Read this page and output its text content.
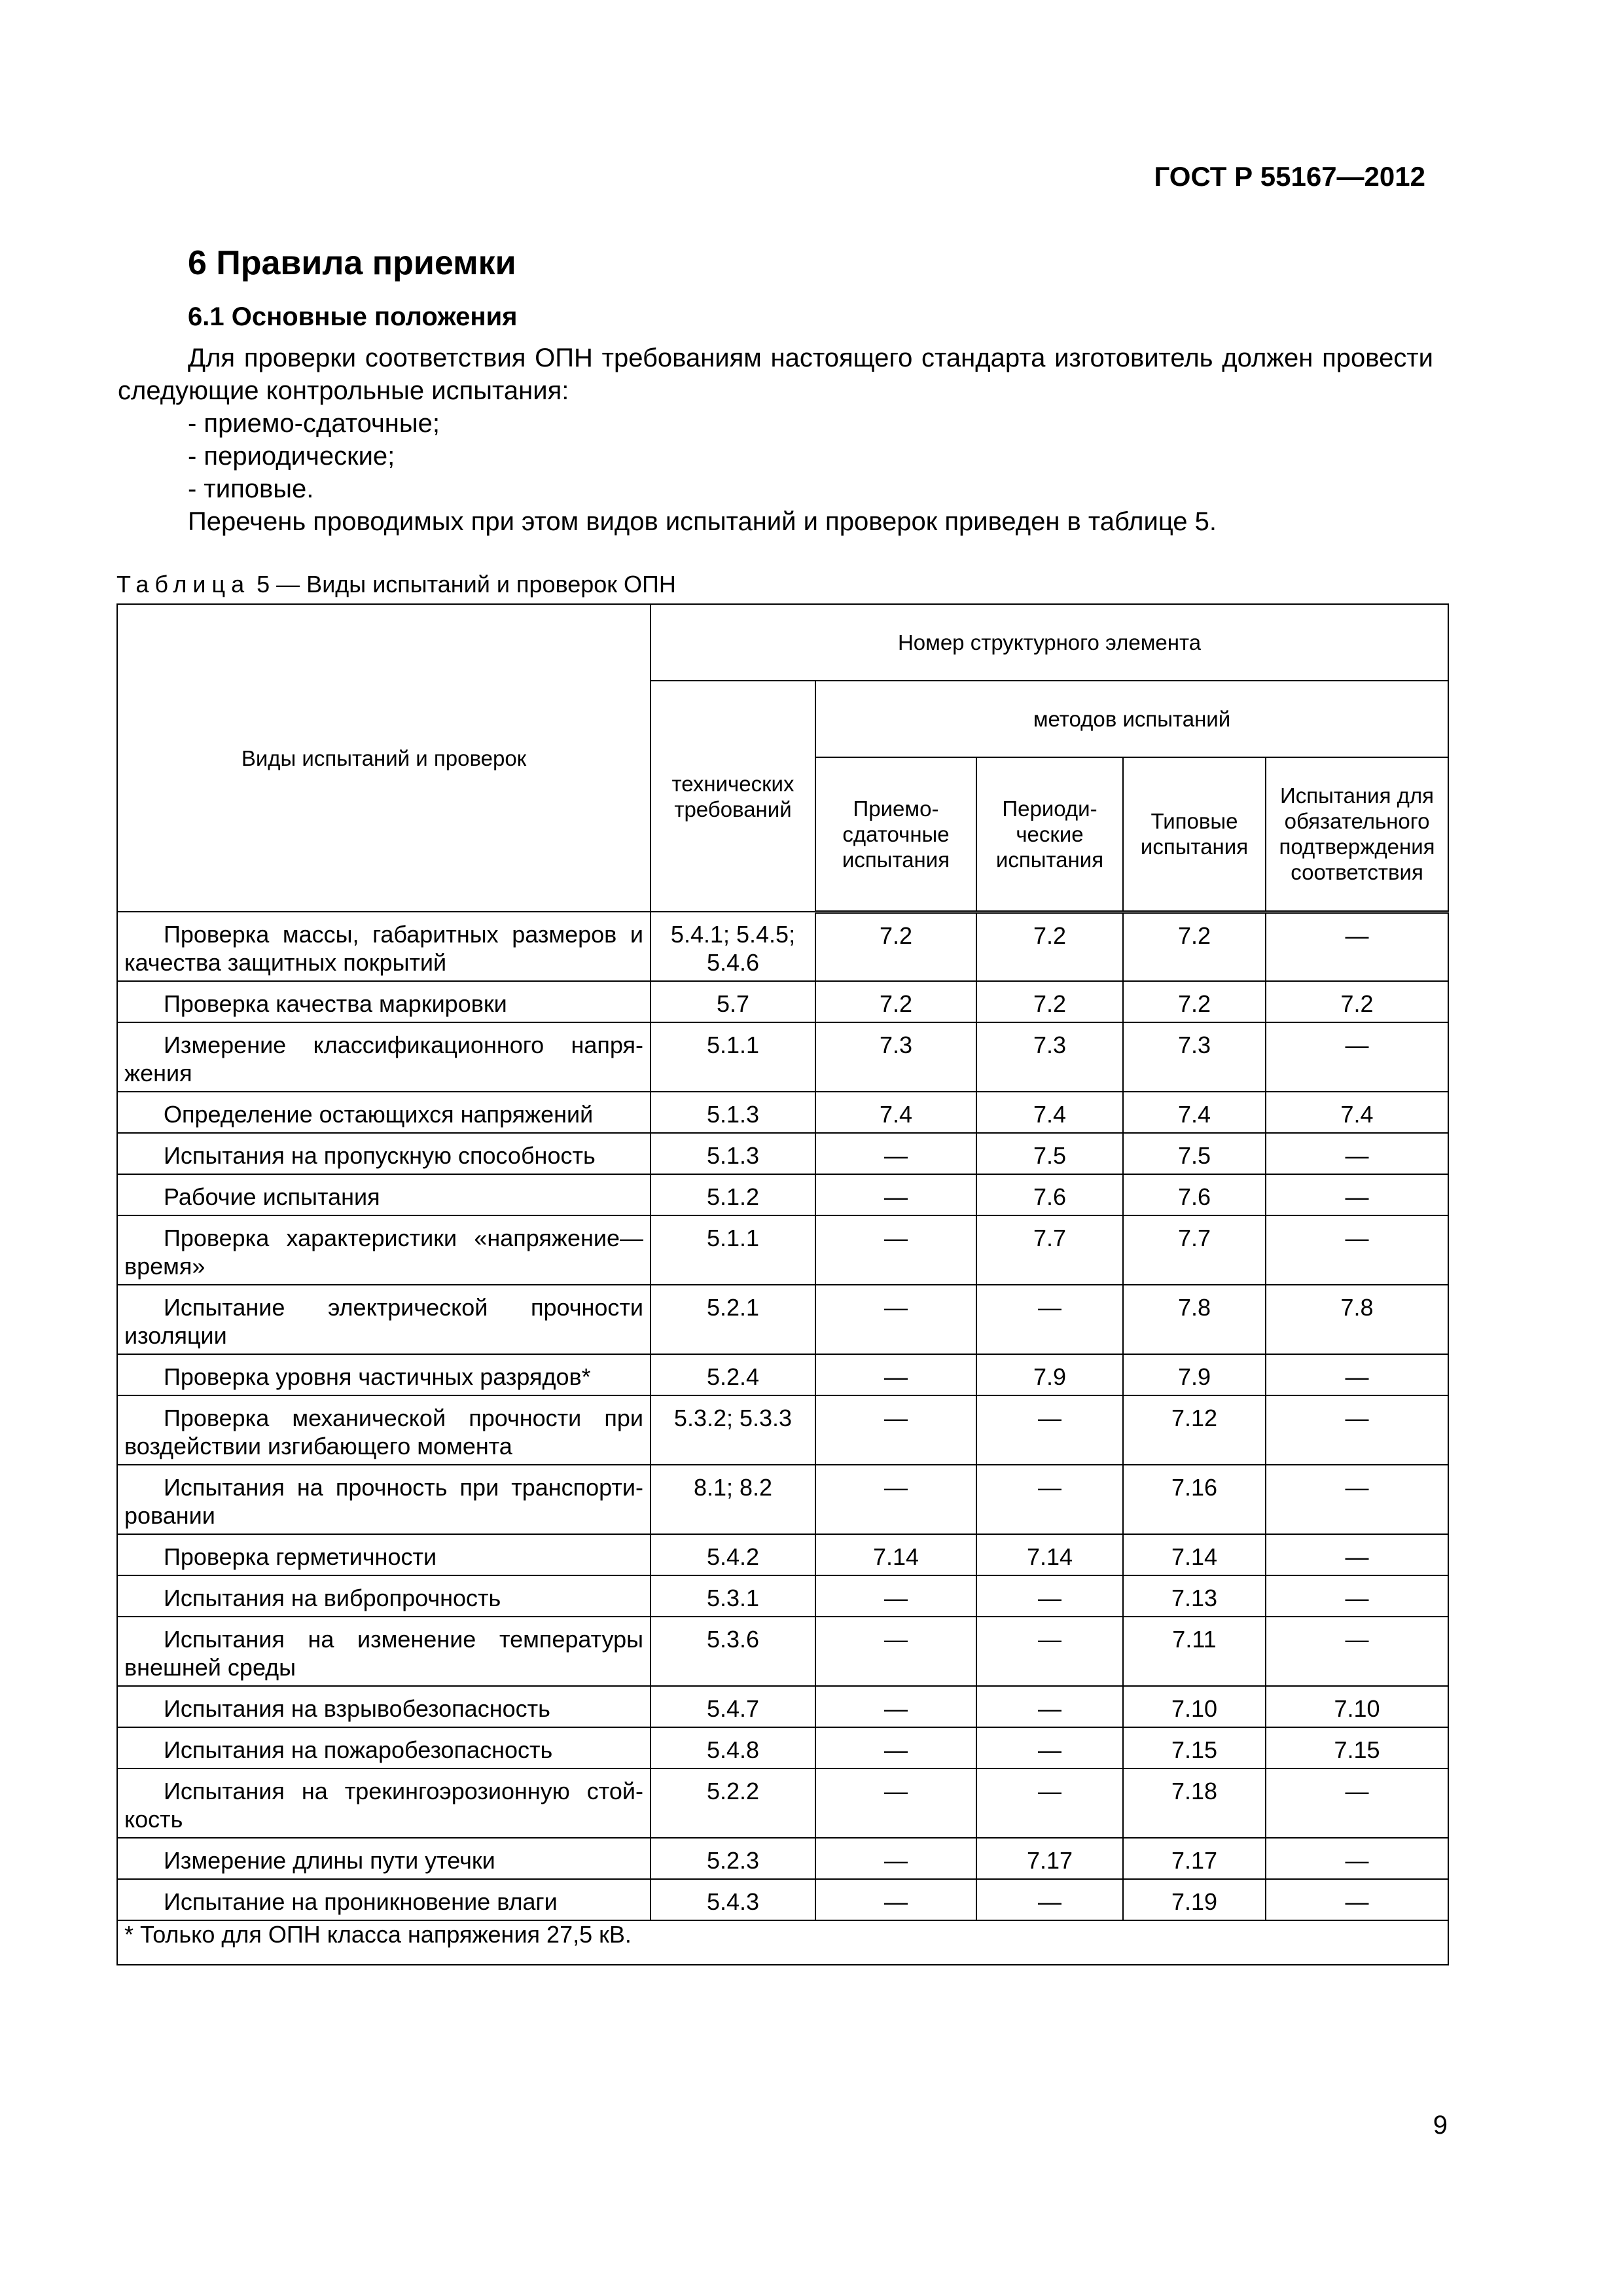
ГОСТ Р 55167—2012
6 Правила приемки
6.1 Основные положения
Для проверки соответствия ОПН требованиям настоящего стандарта изготовитель должен провести следующие контрольные испытания:
- приемо-сдаточные;
- периодические;
- типовые.
Перечень проводимых при этом видов испытаний и проверок приведен в таблице 5.
Таблица 5 — Виды испытаний и проверок ОПН
Виды испытаний и проверок	Номер структурного элемента				
	технических требований	методов испытаний			
		Приемо-сдаточные испытания	Периоди-ческие испытания	Типовые испытания	Испытания для обязательного подтверждения соответствия
Проверка массы, габаритных размеров и качества защитных покрытий	5.4.1; 5.4.5; 5.4.6	7.2	7.2	7.2	—
Проверка качества маркировки	5.7	7.2	7.2	7.2	7.2
Измерение классификационного напряжения	5.1.1	7.3	7.3	7.3	—
Определение остающихся напряжений	5.1.3	7.4	7.4	7.4	7.4
Испытания на пропускную способность	5.1.3	—	7.5	7.5	—
Рабочие испытания	5.1.2	—	7.6	7.6	—
Проверка характеристики «напряжение—время»	5.1.1	—	7.7	7.7	—
Испытание электрической прочности изоляции	5.2.1	—	—	7.8	7.8
Проверка уровня частичных разрядов*	5.2.4	—	7.9	7.9	—
Проверка механической прочности при воздействии изгибающего момента	5.3.2; 5.3.3	—	—	7.12	—
Испытания на прочность при транспортировании	8.1; 8.2	—	—	7.16	—
Проверка герметичности	5.4.2	7.14	7.14	7.14	—
Испытания на вибропрочность	5.3.1	—	—	7.13	—
Испытания на изменение температуры внешней среды	5.3.6	—	—	7.11	—
Испытания на взрывобезопасность	5.4.7	—	—	7.10	7.10
Испытания на пожаробезопасность	5.4.8	—	—	7.15	7.15
Испытания на трекингоэрозионную стойкость	5.2.2	—	—	7.18	—
Измерение длины пути утечки	5.2.3	—	7.17	7.17	—
Испытание на проникновение влаги	5.4.3	—	—	7.19	—
* Только для ОПН класса напряжения 27,5 кВ.					
9
